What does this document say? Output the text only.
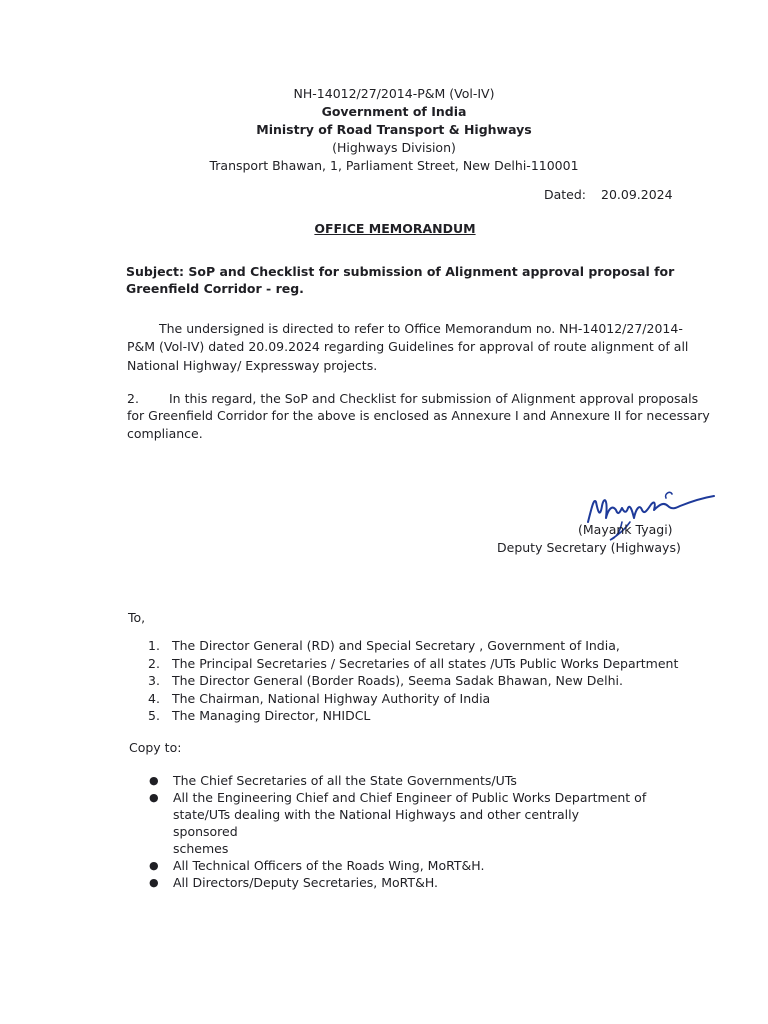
NH-14012/27/2014-P&M (Vol-IV)
Government of India
Ministry of Road Transport & Highways
(Highways Division)
Transport Bhawan, 1, Parliament Street, New Delhi-110001
Dated: 20.09.2024
OFFICE MEMORANDUM
Subject: SoP and Checklist for submission of Alignment approval proposal for
Greenfield Corridor - reg.
The undersigned is directed to refer to Office Memorandum no. NH-14012/27/2014-
P&M (Vol-IV) dated 20.09.2024 regarding Guidelines for approval of route alignment of all
National Highway/ Expressway projects.
2. In this regard, the SoP and Checklist for submission of Alignment approval proposals
for Greenfield Corridor for the above is enclosed as Annexure I and Annexure II for necessary
compliance.
(Mayank Tyagi)
Deputy Secretary (Highways)
To,
1. The Director General (RD) and Special Secretary , Government of India,
2. The Principal Secretaries / Secretaries of all states /UTs Public Works Department
3. The Director General (Border Roads), Seema Sadak Bhawan, New Delhi.
4. The Chairman, National Highway Authority of India
5. The Managing Director, NHIDCL
Copy to:
● The Chief Secretaries of all the State Governments/UTs
● All the Engineering Chief and Chief Engineer of Public Works Department of
state/UTs dealing with the National Highways and other centrally sponsored
schemes
● All Technical Officers of the Roads Wing, MoRT&H.
● All Directors/Deputy Secretaries, MoRT&H.
